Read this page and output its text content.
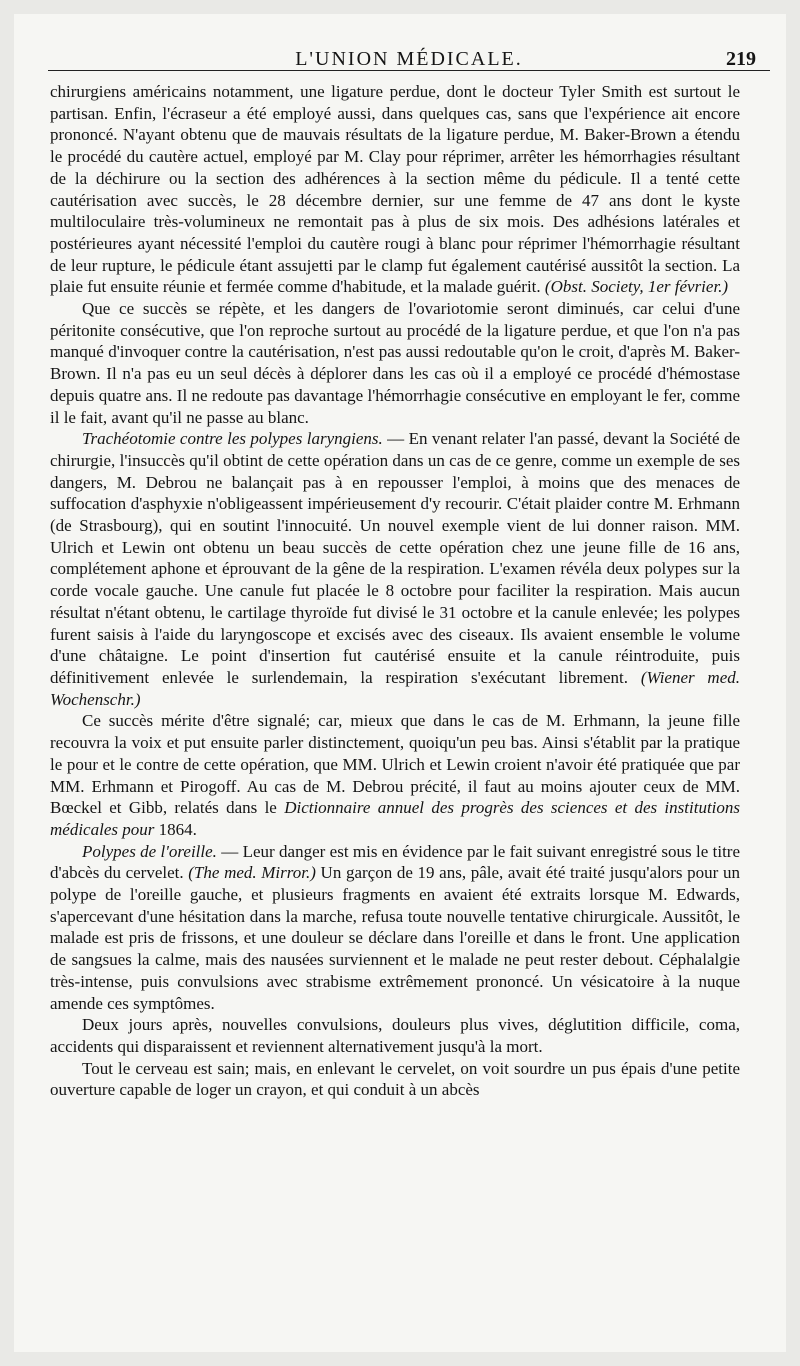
L'UNION MÉDICALE.	219

chirurgiens américains notamment, une ligature perdue, dont le docteur Tyler Smith est surtout le partisan. Enfin, l'écraseur a été employé aussi, dans quelques cas, sans que l'expérience ait encore prononcé. N'ayant obtenu que de mauvais résultats de la ligature perdue, M. Baker-Brown a étendu le procédé du cautère actuel, employé par M. Clay pour réprimer, arrêter les hémorrhagies résultant de la déchirure ou la section des adhérences à la section même du pédicule. Il a tenté cette cautérisation avec succès, le 28 décembre dernier, sur une femme de 47 ans dont le kyste multiloculaire très-volumineux ne remontait pas à plus de six mois. Des adhésions latérales et postérieures ayant nécessité l'emploi du cautère rougi à blanc pour réprimer l'hémorrhagie résultant de leur rupture, le pédicule étant assujetti par le clamp fut également cautérisé aussitôt la section. La plaie fut ensuite réunie et fermée comme d'habitude, et la malade guérit. (Obst. Society, 1er février.)

Que ce succès se répète, et les dangers de l'ovariotomie seront diminués, car celui d'une péritonite consécutive, que l'on reproche surtout au procédé de la ligature perdue, et que l'on n'a pas manqué d'invoquer contre la cautérisation, n'est pas aussi redoutable qu'on le croit, d'après M. Baker-Brown. Il n'a pas eu un seul décès à déplorer dans les cas où il a employé ce procédé d'hémostase depuis quatre ans. Il ne redoute pas davantage l'hémorrhagie consécutive en employant le fer, comme il le fait, avant qu'il ne passe au blanc.

Trachéotomie contre les polypes laryngiens. — En venant relater l'an passé, devant la Société de chirurgie, l'insuccès qu'il obtint de cette opération dans un cas de ce genre, comme un exemple de ses dangers, M. Debrou ne balançait pas à en repousser l'emploi, à moins que des menaces de suffocation d'asphyxie n'obligeassent impérieusement d'y recourir. C'était plaider contre M. Erhmann (de Strasbourg), qui en soutint l'innocuité. Un nouvel exemple vient de lui donner raison. MM. Ulrich et Lewin ont obtenu un beau succès de cette opération chez une jeune fille de 16 ans, complétement aphone et éprouvant de la gêne de la respiration. L'examen révéla deux polypes sur la corde vocale gauche. Une canule fut placée le 8 octobre pour faciliter la respiration. Mais aucun résultat n'étant obtenu, le cartilage thyroïde fut divisé le 31 octobre et la canule enlevée; les polypes furent saisis à l'aide du laryngoscope et excisés avec des ciseaux. Ils avaient ensemble le volume d'une châtaigne. Le point d'insertion fut cautérisé ensuite et la canule réintroduite, puis définitivement enlevée le surlendemain, la respiration s'exécutant librement. (Wiener med. Wochenschr.)

Ce succès mérite d'être signalé; car, mieux que dans le cas de M. Erhmann, la jeune fille recouvra la voix et put ensuite parler distinctement, quoiqu'un peu bas. Ainsi s'établit par la pratique le pour et le contre de cette opération, que MM. Ulrich et Lewin croient n'avoir été pratiquée que par MM. Erhmann et Pirogoff. Au cas de M. Debrou précité, il faut au moins ajouter ceux de MM. Bœckel et Gibb, relatés dans le Dictionnaire annuel des progrès des sciences et des institutions médicales pour 1864.

Polypes de l'oreille. — Leur danger est mis en évidence par le fait suivant enregistré sous le titre d'abcès du cervelet. (The med. Mirror.) Un garçon de 19 ans, pâle, avait été traité jusqu'alors pour un polype de l'oreille gauche, et plusieurs fragments en avaient été extraits lorsque M. Edwards, s'apercevant d'une hésitation dans la marche, refusa toute nouvelle tentative chirurgicale. Aussitôt, le malade est pris de frissons, et une douleur se déclare dans l'oreille et dans le front. Une application de sangsues la calme, mais des nausées surviennent et le malade ne peut rester debout. Céphalalgie très-intense, puis convulsions avec strabisme extrêmement prononcé. Un vésicatoire à la nuque amende ces symptômes.

Deux jours après, nouvelles convulsions, douleurs plus vives, déglutition difficile, coma, accidents qui disparaissent et reviennent alternativement jusqu'à la mort.

Tout le cerveau est sain; mais, en enlevant le cervelet, on voit sourdre un pus épais d'une petite ouverture capable de loger un crayon, et qui conduit à un abcès
